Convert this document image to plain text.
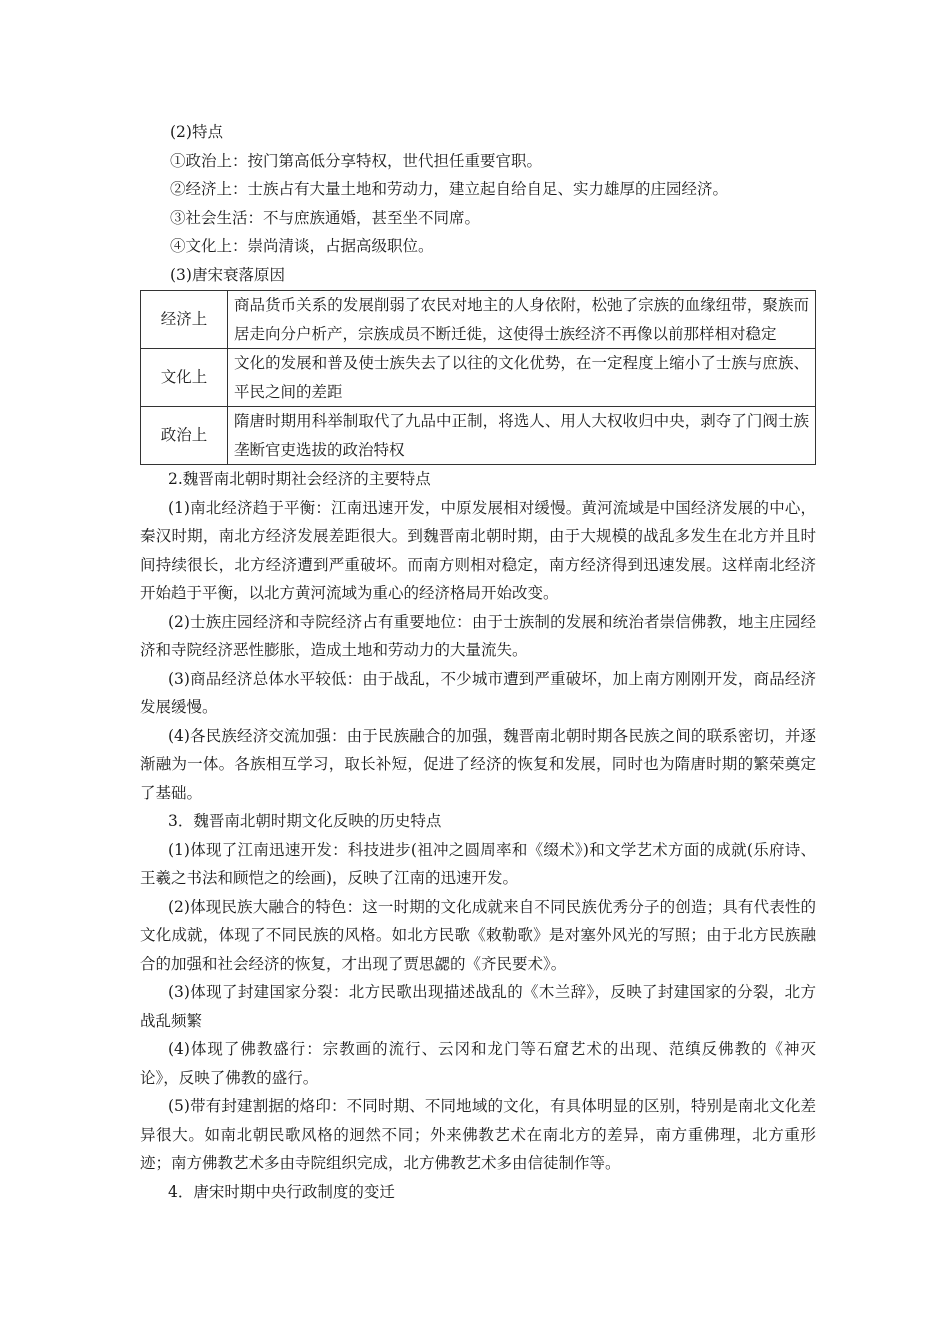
(2)特点
①政治上：按门第高低分享特权，世代担任重要官职。
②经济上：士族占有大量土地和劳动力，建立起自给自足、实力雄厚的庄园经济。
③社会生活：不与庶族通婚，甚至坐不同席。
④文化上：崇尚清谈，占据高级职位。
(3)唐宋衰落原因
经济上	商品货币关系的发展削弱了农民对地主的人身依附，松弛了宗族的血缘纽带，聚族而居走向分户析产，宗族成员不断迁徙，这使得士族经济不再像以前那样相对稳定
文化上	文化的发展和普及使士族失去了以往的文化优势，在一定程度上缩小了士族与庶族、平民之间的差距
政治上	隋唐时期用科举制取代了九品中正制，将选人、用人大权收归中央，剥夺了门阀士族垄断官吏选拔的政治特权
2.魏晋南北朝时期社会经济的主要特点
(1)南北经济趋于平衡：江南迅速开发，中原发展相对缓慢。黄河流域是中国经济发展的中心，秦汉时期，南北方经济发展差距很大。到魏晋南北朝时期，由于大规模的战乱多发生在北方并且时间持续很长，北方经济遭到严重破坏。而南方则相对稳定，南方经济得到迅速发展。这样南北经济开始趋于平衡，以北方黄河流域为重心的经济格局开始改变。
(2)士族庄园经济和寺院经济占有重要地位：由于士族制的发展和统治者崇信佛教，地主庄园经济和寺院经济恶性膨胀，造成土地和劳动力的大量流失。
(3)商品经济总体水平较低：由于战乱，不少城市遭到严重破坏，加上南方刚刚开发，商品经济发展缓慢。
(4)各民族经济交流加强：由于民族融合的加强，魏晋南北朝时期各民族之间的联系密切，并逐渐融为一体。各族相互学习，取长补短，促进了经济的恢复和发展，同时也为隋唐时期的繁荣奠定了基础。
3．魏晋南北朝时期文化反映的历史特点
(1)体现了江南迅速开发：科技进步(祖冲之圆周率和《缀术》)和文学艺术方面的成就(乐府诗、王羲之书法和顾恺之的绘画)，反映了江南的迅速开发。
(2)体现民族大融合的特色：这一时期的文化成就来自不同民族优秀分子的创造；具有代表性的文化成就，体现了不同民族的风格。如北方民歌《敕勒歌》是对塞外风光的写照；由于北方民族融合的加强和社会经济的恢复，才出现了贾思勰的《齐民要术》。
(3)体现了封建国家分裂：北方民歌出现描述战乱的《木兰辞》，反映了封建国家的分裂，北方战乱频繁
(4)体现了佛教盛行：宗教画的流行、云冈和龙门等石窟艺术的出现、范缜反佛教的《神灭论》，反映了佛教的盛行。
(5)带有封建割据的烙印：不同时期、不同地域的文化，有具体明显的区别，特别是南北文化差异很大。如南北朝民歌风格的迥然不同；外来佛教艺术在南北方的差异，南方重佛理，北方重形迹；南方佛教艺术多由寺院组织完成，北方佛教艺术多由信徒制作等。
4．唐宋时期中央行政制度的变迁
